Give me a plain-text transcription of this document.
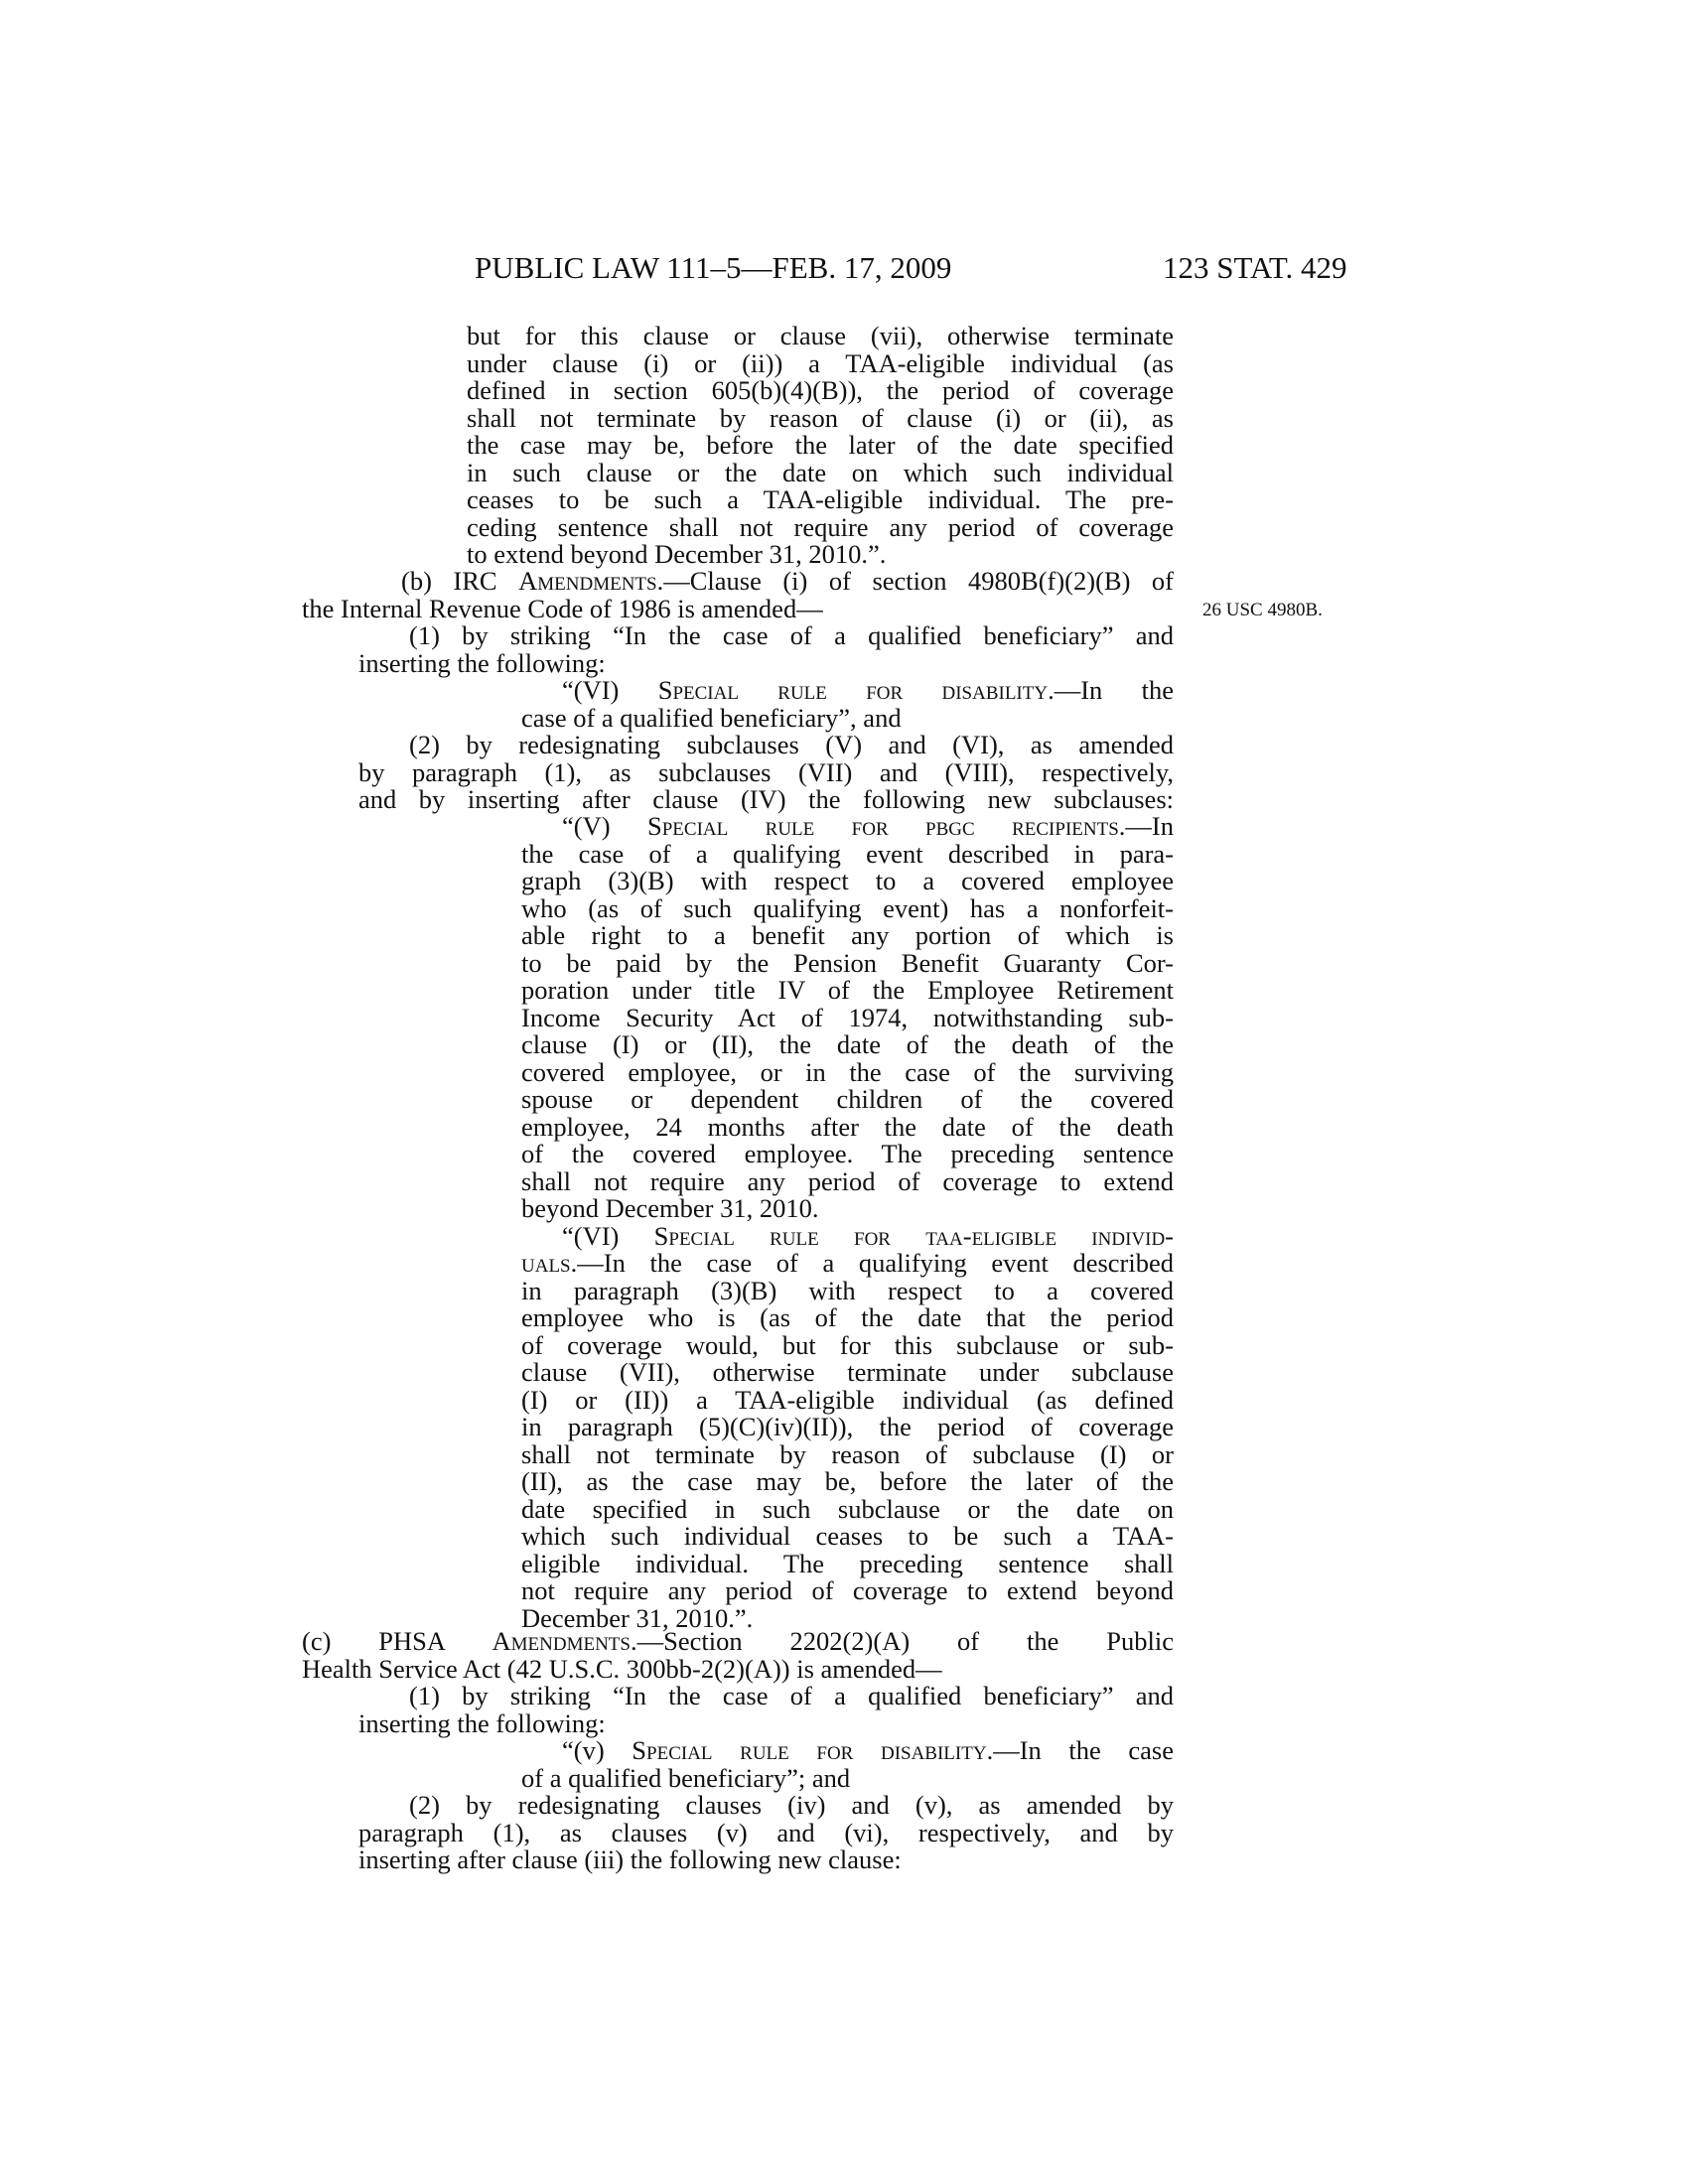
PUBLIC LAW 111–5—FEB. 17, 2009	123 STAT. 429
26 USC 4980B.
but for this clause or clause (vii), otherwise terminate
under clause (i) or (ii)) a TAA-eligible individual (as
defined in section 605(b)(4)(B)), the period of coverage
shall not terminate by reason of clause (i) or (ii), as
the case may be, before the later of the date specified
in such clause or the date on which such individual
ceases to be such a TAA-eligible individual. The pre-
ceding sentence shall not require any period of coverage
to extend beyond December 31, 2010.”.
(b) IRC Amendments.—Clause (i) of section 4980B(f)(2)(B) of
the Internal Revenue Code of 1986 is amended—
(1) by striking “In the case of a qualified beneficiary” and
inserting the following:
“(VI) Special rule for disability.—In the
case of a qualified beneficiary”, and
(2) by redesignating subclauses (V) and (VI), as amended
by paragraph (1), as subclauses (VII) and (VIII), respectively,
and by inserting after clause (IV) the following new subclauses:
“(V) Special rule for pbgc recipients.—In
the case of a qualifying event described in para-
graph (3)(B) with respect to a covered employee
who (as of such qualifying event) has a nonforfeit-
able right to a benefit any portion of which is
to be paid by the Pension Benefit Guaranty Cor-
poration under title IV of the Employee Retirement
Income Security Act of 1974, notwithstanding sub-
clause (I) or (II), the date of the death of the
covered employee, or in the case of the surviving
spouse or dependent children of the covered
employee, 24 months after the date of the death
of the covered employee. The preceding sentence
shall not require any period of coverage to extend
beyond December 31, 2010.
“(VI) Special rule for taa-eligible individ-
uals.—In the case of a qualifying event described
in paragraph (3)(B) with respect to a covered
employee who is (as of the date that the period
of coverage would, but for this subclause or sub-
clause (VII), otherwise terminate under subclause
(I) or (II)) a TAA-eligible individual (as defined
in paragraph (5)(C)(iv)(II)), the period of coverage
shall not terminate by reason of subclause (I) or
(II), as the case may be, before the later of the
date specified in such subclause or the date on
which such individual ceases to be such a TAA-
eligible individual. The preceding sentence shall
not require any period of coverage to extend beyond
December 31, 2010.”.
(c) PHSA Amendments.—Section 2202(2)(A) of the Public
Health Service Act (42 U.S.C. 300bb-2(2)(A)) is amended—
(1) by striking “In the case of a qualified beneficiary” and
inserting the following:
“(v) Special rule for disability.—In the case
of a qualified beneficiary”; and
(2) by redesignating clauses (iv) and (v), as amended by
paragraph (1), as clauses (v) and (vi), respectively, and by
inserting after clause (iii) the following new clause:
